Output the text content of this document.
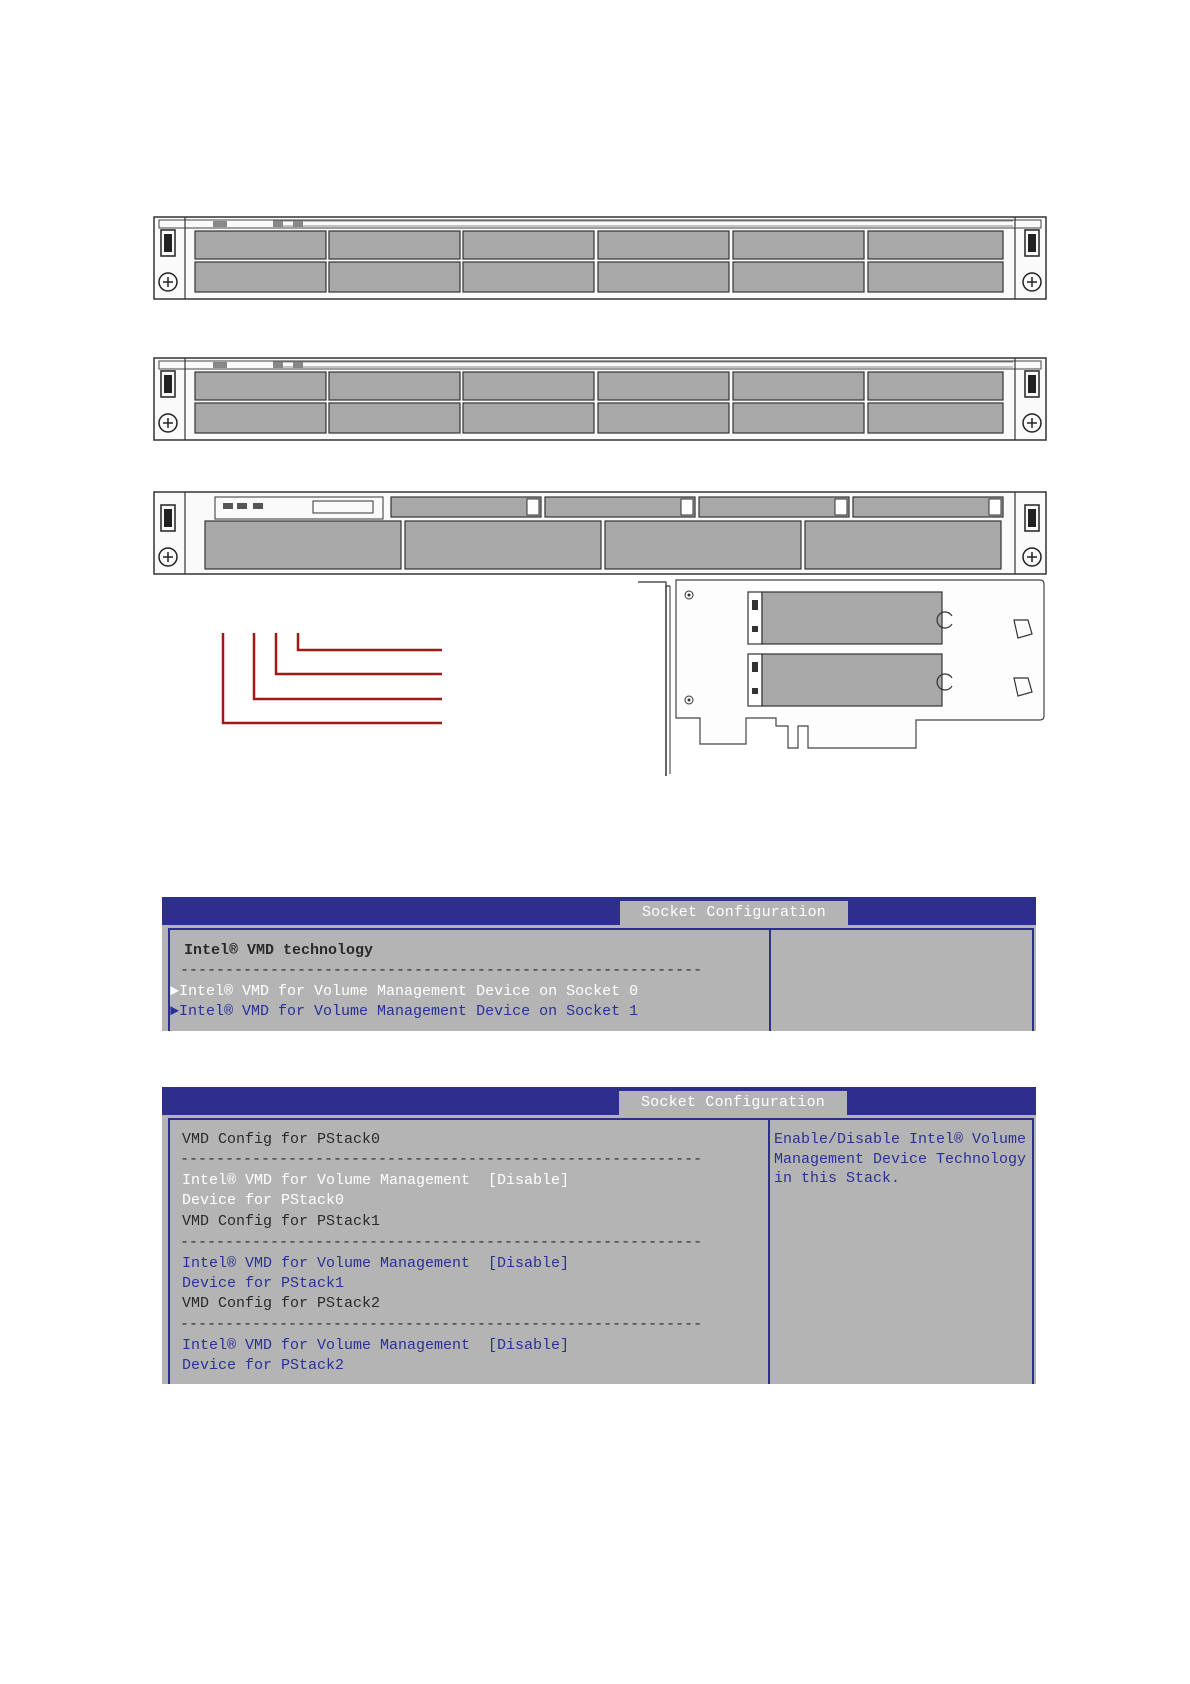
Socket Configuration
Intel® VMD technology
----------------------------------------------------------
►Intel® VMD for Volume Management Device on Socket 0
►Intel® VMD for Volume Management Device on Socket 1
Socket Configuration
VMD Config for PStack0
----------------------------------------------------------
Intel® VMD for Volume Management [Disable]
Device for PStack0
VMD Config for PStack1
----------------------------------------------------------
Intel® VMD for Volume Management [Disable]
Device for PStack1
VMD Config for PStack2
----------------------------------------------------------
Intel® VMD for Volume Management [Disable]
Device for PStack2
Enable/Disable Intel® Volume
Management Device Technology
in this Stack.
